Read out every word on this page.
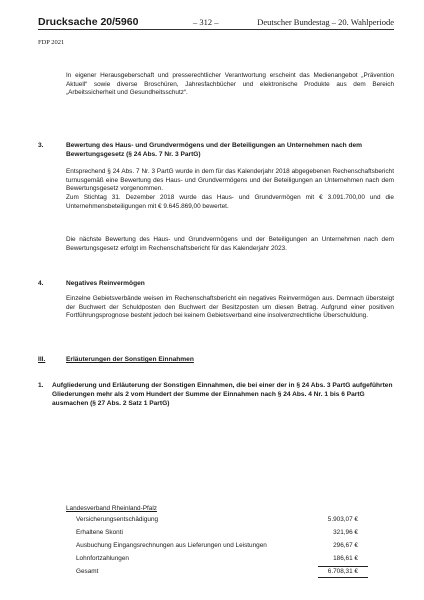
Drucksache 20/5960	– 312 –	Deutscher Bundestag – 20. Wahlperiode
FDP 2021
In eigener Herausgeberschaft und presserechtlicher Verantwortung erscheint das Medienangebot „Prävention Aktuell“ sowie diverse Broschüren, Jahresfachbücher und elektronische Produkte aus dem Bereich „Arbeitssicherheit und Gesundheitsschutz“.
3.	Bewertung des Haus- und Grundvermögens und der Beteiligungen an Unternehmen nach dem Bewertungsgesetz (§ 24 Abs. 7 Nr. 3 PartG)
Entsprechend § 24 Abs. 7 Nr. 3 PartG wurde in dem für das Kalenderjahr 2018 abgegebenen Rechenschaftsbericht turnusgemäß eine Bewertung des Haus- und Grundvermögens und der Beteiligungen an Unternehmen nach dem Bewertungsgesetz vorgenommen.
Zum Stichtag 31. Dezember 2018 wurde das Haus- und Grundvermögen mit € 3.091.700,00 und die Unternehmensbeteiligungen mit € 9.645.869,00 bewertet.
Die nächste Bewertung des Haus- und Grundvermögens und der Beteiligungen an Unternehmen nach dem Bewertungsgesetz erfolgt im Rechenschaftsbericht für das Kalenderjahr 2023.
4.	Negatives Reinvermögen
Einzelne Gebietsverbände weisen im Rechenschaftsbericht ein negatives Reinvermögen aus. Demnach übersteigt der Buchwert der Schuldposten den Buchwert der Besitzposten um diesen Betrag. Aufgrund einer positiven Fortführungsprognose besteht jedoch bei keinem Gebietsverband eine insolvenzrechtliche Überschuldung.
III.	Erläuterungen der Sonstigen Einnahmen
1. Aufgliederung und Erläuterung der Sonstigen Einnahmen, die bei einer der in § 24 Abs. 3 PartG aufgeführten Gliederungen mehr als 2 vom Hundert der Summe der Einnahmen nach § 24 Abs. 4 Nr. 1 bis 6 PartG ausmachen (§ 27 Abs. 2 Satz 1 PartG)
Landesverband Rheinland-Pfalz
Versicherungsentschädigung	5.903,07 €
Erhaltene Skonti	321,96 €
Ausbuchung Eingangsrechnungen aus Lieferungen und Leistungen	296,67 €
Lohnfortzahlungen	186,61 €
Gesamt	6.708,31 €
